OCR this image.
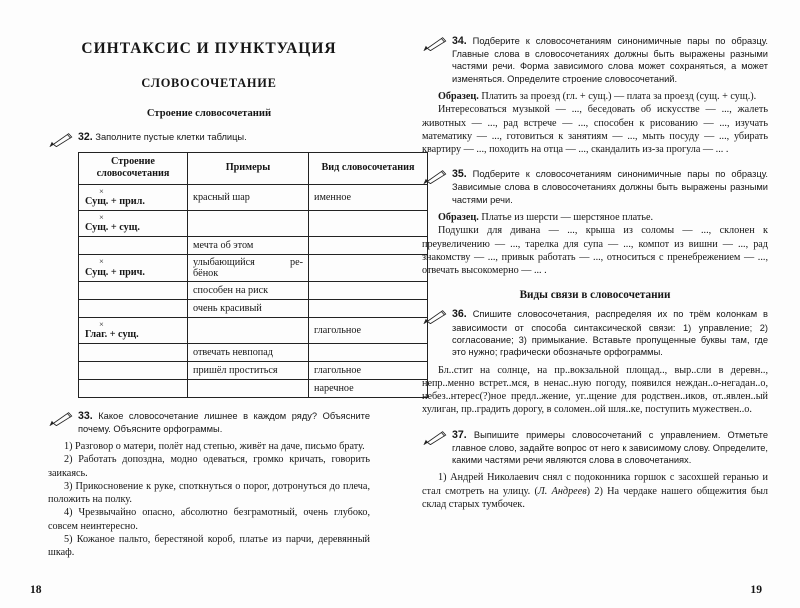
СИНТАКСИС И ПУНКТУАЦИЯ
СЛОВОСОЧЕТАНИЕ
Строение словосочетаний

32. Заполните пустые клетки таблицы.

Строение словосочетания	Примеры	Вид словосочетания

×
Сущ. + прил.	красный шар	именное

×
Сущ. + сущ.		

	мечта об этом	

×
Сущ. + прич.	улыбающийся ре-
бёнок	

	способен на риск	

	очень красивый	

×
Глаг. + сущ.		глагольное

	отвечать невпопад	

	пришёл проститься	глагольное

		наречное

33. Какое словосочетание лишнее в каждом ряду? Объясните почему. Объясните орфограммы.

1) Разговор о матери, полёт над степью, живёт на даче, письмо брату.

2) Работать допоздна, модно одеваться, громко кричать, говорить заикаясь.

3) Прикосновение к руке, споткнуться о порог, дотронуться до плеча, положить на полку.

4) Чрезвычайно опасно, абсолютно безграмотный, очень глубоко, совсем неинтересно.

5) Кожаное пальто, берестяной короб, платье из парчи, деревянный шкаф.

18

34. Подберите к словосочетаниям синонимичные пары по образцу. Главные слова в словосочетаниях должны быть выражены разными частями речи. Форма зависимого слова может сохраняться, а может изменяться. Определите строение словосочетаний.

Образец. Платить за проезд (гл. + сущ.) — плата за проезд (сущ. + сущ.).

Интересоваться музыкой — ..., беседовать об искусстве — ..., жалеть животных — ..., рад встрече — ..., способен к рисованию — ..., изучать математику — ..., готовиться к занятиям — ..., мыть посуду — ..., убирать квартиру — ..., походить на отца — ..., скандалить из-за прогула — ... .

35. Подберите к словосочетаниям синонимичные пары по образцу. Зависимые слова в словосочетаниях должны быть выражены разными частями речи.

Образец. Платье из шерсти — шерстяное платье.

Подушки для дивана — ..., крыша из соломы — ..., склонен к преувеличению — ..., тарелка для супа — ..., компот из вишни — ..., рад знакомству — ..., привык работать — ..., относиться с пренебрежением — ..., отвечать высокомерно — ... .

Виды связи в словосочетании

36. Спишите словосочетания, распределяя их по трём колонкам в зависимости от способа синтаксической связи: 1) управление; 2) согласование; 3) примыкание. Вставьте пропущенные буквы там, где это нужно; графически обозначьте орфограммы.

Бл..стит на солнце, на пр..вокзальной площад.., выр..сли в деревн.., непр..менно встрет..мся, в ненас..ную погоду, появился неждан..о-негадан..о, небез..нтерес(?)ное предл..жение, уг..щение для родствен..иков, от..явлен..ый хулиган, пр..градить дорогу, в соломен..ой шля..ке, поступить мужествен..о.

37. Выпишите примеры словосочетаний с управлением. Отметьте главное слово, задайте вопрос от него к зависимому слову. Определите, какими частями речи являются слова в словочетаниях.

1) Андрей Николаевич снял с подоконника горшок с засохшей геранью и стал смотреть на улицу. (Л. Андреев) 2) На чердаке нашего общежития был склад старых тумбочек.

19
